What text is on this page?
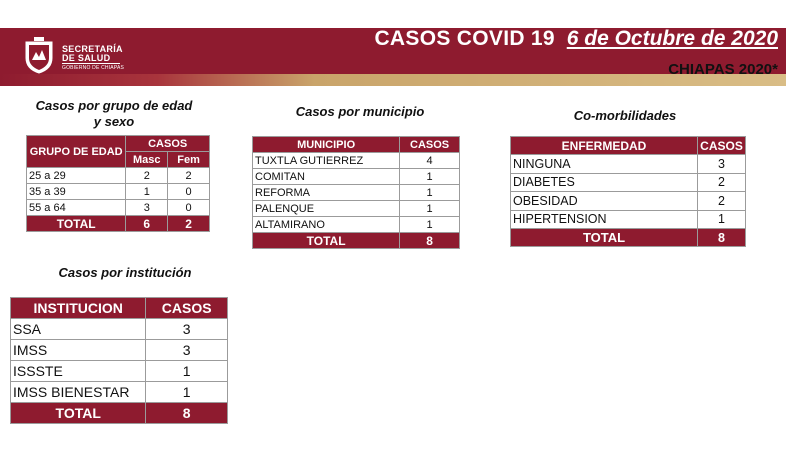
SECRETARÍA
DE SALUD
GOBIERNO DE CHIAPAS
CASOS COVID 19 6 de Octubre de 2020
CHIAPAS 2020*
Casos por grupo de edad y sexo
Casos por municipio	Co-morbilidades
Casos por institución
GRUPO DE EDAD	CASOS	
	Masc	Fem
25 a 29	2	2
35 a 39	1	0
55 a 64	3	0
TOTAL	6	2
MUNICIPIO	CASOS
TUXTLA GUTIERREZ	4
COMITAN	1
REFORMA	1
PALENQUE	1
ALTAMIRANO	1
TOTAL	8
ENFERMEDAD	CASOS
NINGUNA	3
DIABETES	2
OBESIDAD	2
HIPERTENSION	1
TOTAL	8
INSTITUCION	CASOS
SSA	3
IMSS	3
ISSSTE	1
IMSS BIENESTAR	1
TOTAL	8
